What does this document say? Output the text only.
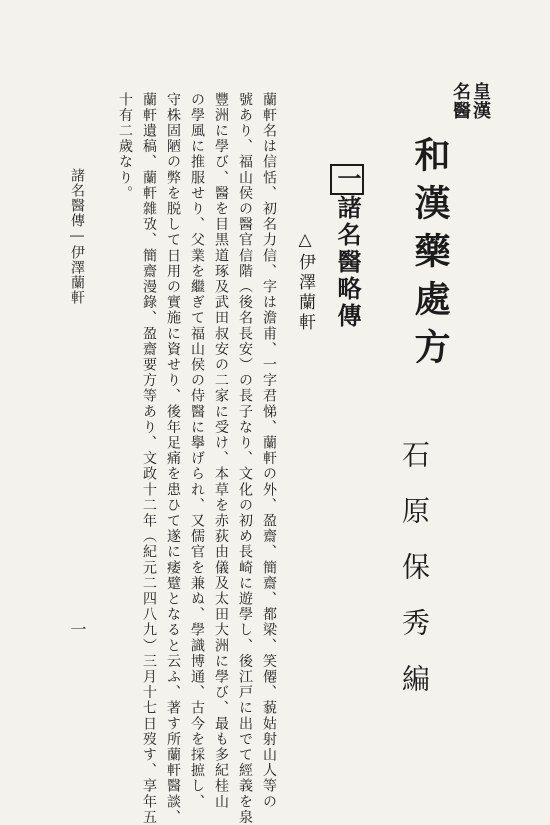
皇漢
名醫
和漢藥處方
石原保秀編
一諸名醫略傳
△伊澤蘭軒
蘭軒名は信恬、初名力信、字は澹甫、一字君悌、蘭軒の外、盈齋、簡齋、都梁、笑僊、藐姑射山人等の
號あり、福山侯の醫官信階（後名長安）の長子なり、文化の初め長崎に遊學し、後江戸に出でて經義を泉
豐洲に學び、醫を目黒道琢及武田叔安の二家に受け、本草を赤荻由儀及太田大洲に學び、最も多紀桂山
の學風に推服せり、父業を繼ぎて福山侯の侍醫に擧げられ、又儒官を兼ぬ、學識博通、古今を採摭し、
守株固陋の弊を脱して日用の實施に資せり、後年足痛を患ひて遂に痿躄となると云ふ、著す所蘭軒醫談、
蘭軒遺稿、蘭軒雜攷、簡齋漫錄、盈齋要方等あり、文政十二年（紀元二四八九）三月十七日歿す、享年五
十有二歲なり。
諸名醫傳―伊澤蘭軒
一
